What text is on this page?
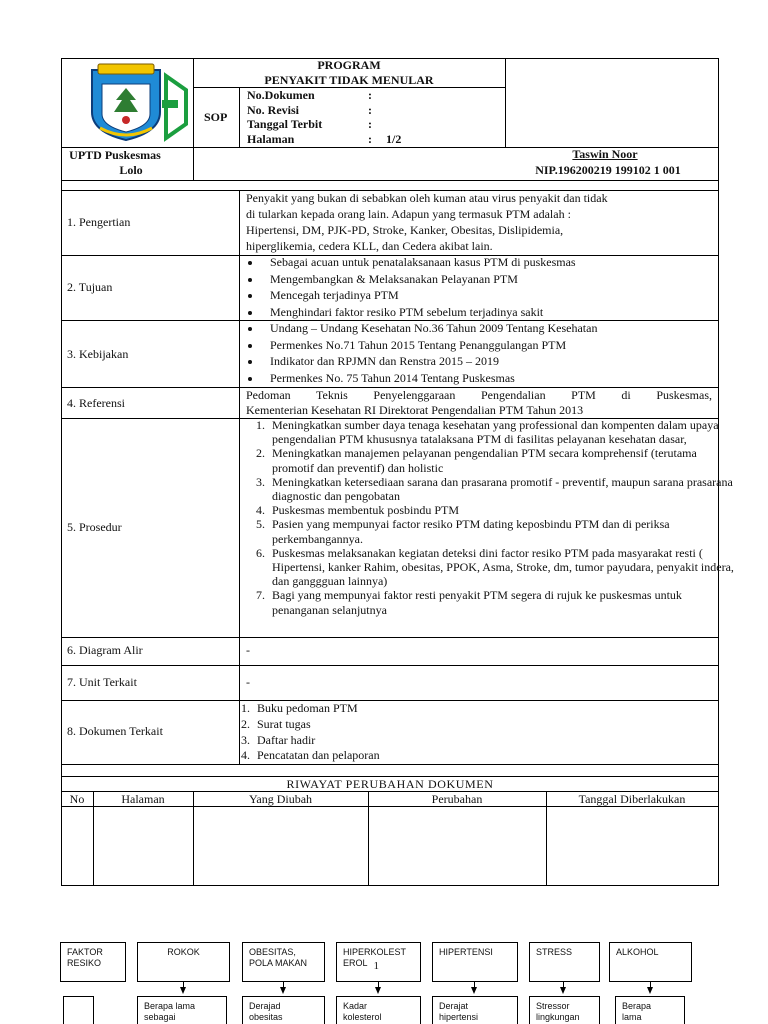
PROGRAM
PENYAKIT TIDAK MENULAR
SOP
No.Dokumen	:
No. Revisi	:
Tanggal Terbit	:
Halaman	: 1/2
UPTD Puskesmas
Lolo
Taswin Noor
NIP.196200219 199102 1 001
1. Pengertian
Penyakit yang bukan di sebabkan oleh kuman atau virus penyakit dan tidak
di tularkan kepada orang lain. Adapun yang termasuk PTM adalah :
Hipertensi, DM, PJK-PD, Stroke, Kanker, Obesitas, Dislipidemia,
hiperglikemia, cedera KLL, dan Cedera akibat lain.
2. Tujuan
• Sebagai acuan untuk penatalaksanaan kasus PTM di puskesmas
• Mengembangkan & Melaksanakan Pelayanan PTM
• Mencegah terjadinya PTM
• Menghindari faktor resiko PTM sebelum terjadinya sakit
3. Kebijakan
• Undang – Undang Kesehatan No.36 Tahun 2009 Tentang Kesehatan
• Permenkes No.71 Tahun 2015 Tentang Penanggulangan PTM
• Indikator dan RPJMN dan Renstra 2015 – 2019
• Permenkes No. 75 Tahun 2014 Tentang Puskesmas
4. Referensi
Pedoman Teknis Penyelenggaraan Pengendalian PTM di Puskesmas,
Kementerian Kesehatan RI Direktorat Pengendalian PTM Tahun 2013
5. Prosedur
1. Meningkatkan sumber daya tenaga kesehatan yang professional dan kompenten dalam upaya pengendalian PTM khususnya tatalaksana PTM di fasilitas pelayanan kesehatan dasar,
2. Meningkatkan manajemen pelayanan pengendalian PTM secara komprehensif (terutama promotif dan preventif) dan holistic
3. Meningkatkan ketersediaan sarana dan prasarana promotif - preventif, maupun sarana prasarana diagnostic dan pengobatan
4. Puskesmas membentuk posbindu PTM
5. Pasien yang mempunyai factor resiko PTM dating keposbindu PTM dan di periksa perkembangannya.
6. Puskesmas melaksanakan kegiatan deteksi dini factor resiko PTM pada masyarakat resti ( Hipertensi, kanker Rahim, obesitas, PPOK, Asma, Stroke, dm, tumor payudara, penyakit indera, dan ganggguan lainnya)
7. Bagi yang mempunyai faktor resti penyakit PTM segera di rujuk ke puskesmas untuk penanganan selanjutnya
6. Diagram Alir	-
7. Unit Terkait	-
8. Dokumen Terkait
1. Buku pedoman PTM
2. Surat tugas
3. Daftar hadir
4. Pencatatan dan pelaporan
RIWAYAT PERUBAHAN DOKUMEN
No	Halaman	Yang Diubah	Perubahan	Tanggal Diberlakukan
FAKTOR
RESIKO
ROKOK	OBESITAS,
POLA MAKAN
HIPERKOLEST
EROL 1
HIPERTENSI	STRESS	ALKOHOL
Berapa lama
sebagai
Derajad
obesitas
Kadar
kolesterol
Derajat
hipertensi
Stressor
lingkungan
Berapa
lama
